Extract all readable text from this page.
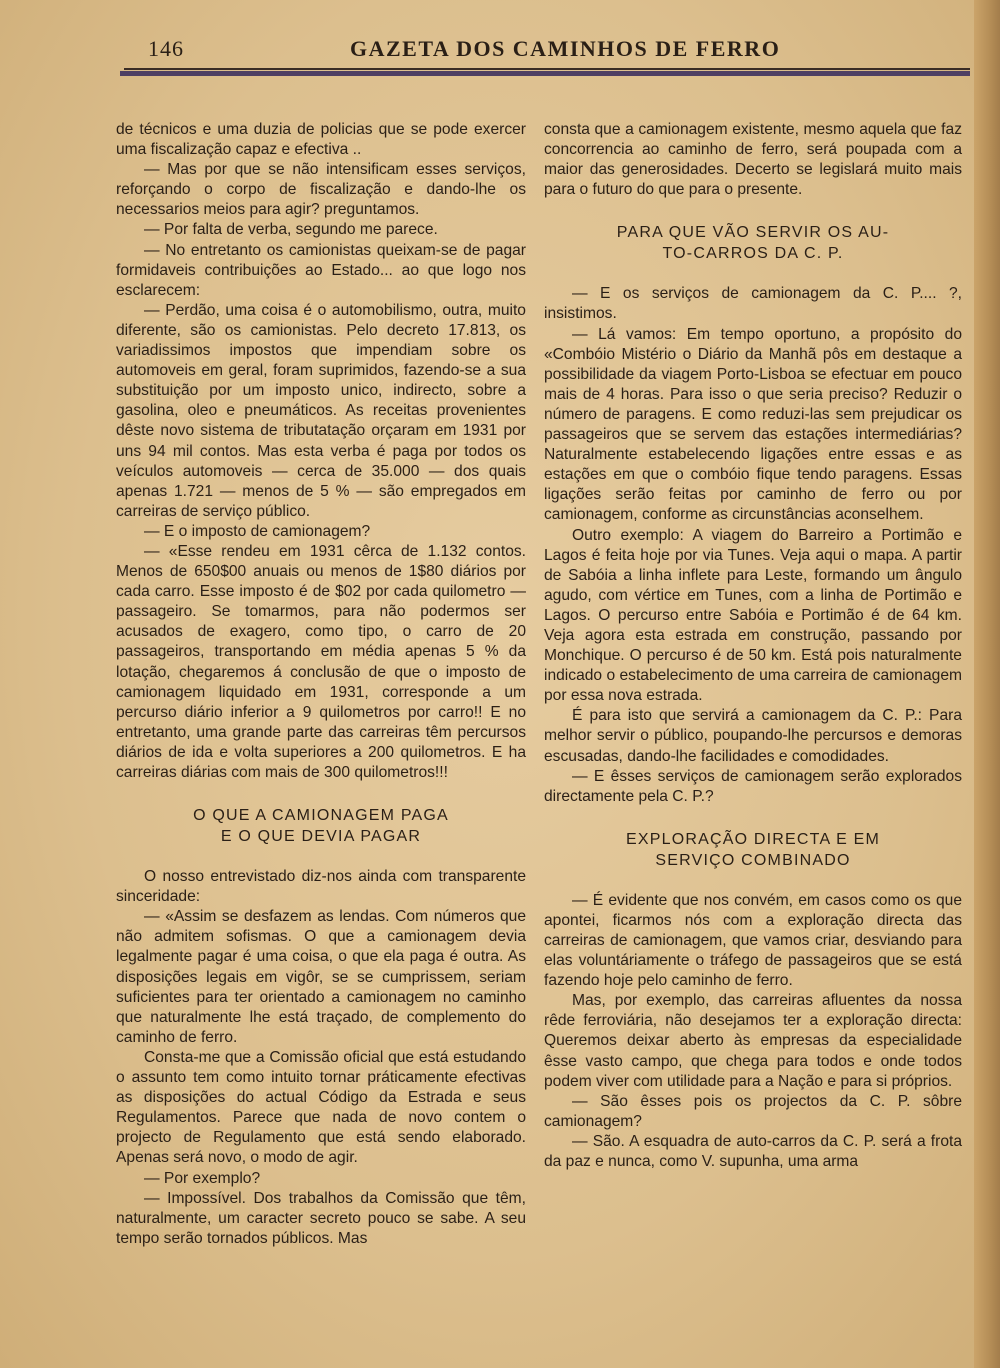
146	GAZETA DOS CAMINHOS DE FERRO

de técnicos e uma duzia de policias que se pode exercer uma fiscalização capaz e efectiva ..

— Mas por que se não intensificam esses serviços, reforçando o corpo de fiscalização e dando-lhe os necessarios meios para agir? preguntamos.

— Por falta de verba, segundo me parece.

— No entretanto os camionistas queixam-se de pagar formidaveis contribuições ao Estado... ao que logo nos esclarecem:

— Perdão, uma coisa é o automobilismo, outra, muito diferente, são os camionistas. Pelo decreto 17.813, os variadissimos impostos que impendiam sobre os automoveis em geral, foram suprimidos, fazendo-se a sua substituição por um imposto unico, indirecto, sobre a gasolina, oleo e pneumáticos. As receitas provenientes dêste novo sistema de tributatação orçaram em 1931 por uns 94 mil contos. Mas esta verba é paga por todos os veículos automoveis — cerca de 35.000 — dos quais apenas 1.721 — menos de 5 % — são empregados em carreiras de serviço público.

— E o imposto de camionagem?

— «Esse rendeu em 1931 cêrca de 1.132 contos. Menos de 650$00 anuais ou menos de 1$80 diários por cada carro. Esse imposto é de $02 por cada quilometro — passageiro. Se tomarmos, para não podermos ser acusados de exagero, como tipo, o carro de 20 passageiros, transportando em média apenas 5 % da lotação, chegaremos á conclusão de que o imposto de camionagem liquidado em 1931, corresponde a um percurso diário inferior a 9 quilometros por carro!! E no entretanto, uma grande parte das carreiras têm percursos diários de ida e volta superiores a 200 quilometros. E ha carreiras diárias com mais de 300 quilometros!!!

O QUE A CAMIONAGEM PAGA
E O QUE DEVIA PAGAR

O nosso entrevistado diz-nos ainda com transparente sinceridade:

— «Assim se desfazem as lendas. Com números que não admitem sofismas. O que a camionagem devia legalmente pagar é uma coisa, o que ela paga é outra. As disposições legais em vigôr, se se cumprissem, seriam suficientes para ter orientado a camionagem no caminho que naturalmente lhe está traçado, de complemento do caminho de ferro.

Consta-me que a Comissão oficial que está estudando o assunto tem como intuito tornar práticamente efectivas as disposições do actual Código da Estrada e seus Regulamentos. Parece que nada de novo contem o projecto de Regulamento que está sendo elaborado. Apenas será novo, o modo de agir.

— Por exemplo?

— Impossível. Dos trabalhos da Comissão que têm, naturalmente, um caracter secreto pouco se sabe. A seu tempo serão tornados públicos. Mas

consta que a camionagem existente, mesmo aquela que faz concorrencia ao caminho de ferro, será poupada com a maior das generosidades. Decerto se legislará muito mais para o futuro do que para o presente.

PARA QUE VÃO SERVIR OS AU-
TO-CARROS DA C. P.

— E os serviços de camionagem da C. P.... ?, insistimos.

— Lá vamos: Em tempo oportuno, a propósito do «Combóio Mistério o Diário da Manhã pôs em destaque a possibilidade da viagem Porto-Lisboa se efectuar em pouco mais de 4 horas. Para isso o que seria preciso? Reduzir o número de paragens. E como reduzi-las sem prejudicar os passageiros que se servem das estações intermediárias? Naturalmente estabelecendo ligações entre essas e as estações em que o combóio fique tendo paragens. Essas ligações serão feitas por caminho de ferro ou por camionagem, conforme as circunstâncias aconselhem.

Outro exemplo: A viagem do Barreiro a Portimão e Lagos é feita hoje por via Tunes. Veja aqui o mapa. A partir de Sabóia a linha inflete para Leste, formando um ângulo agudo, com vértice em Tunes, com a linha de Portimão e Lagos. O percurso entre Sabóia e Portimão é de 64 km. Veja agora esta estrada em construção, passando por Monchique. O percurso é de 50 km. Está pois naturalmente indicado o estabelecimento de uma carreira de camionagem por essa nova estrada.

É para isto que servirá a camionagem da C. P.: Para melhor servir o público, poupando-lhe percursos e demoras escusadas, dando-lhe facilidades e comodidades.

— E êsses serviços de camionagem serão explorados directamente pela C. P.?

EXPLORAÇÃO DIRECTA E EM
SERVIÇO COMBINADO

— É evidente que nos convém, em casos como os que apontei, ficarmos nós com a exploração directa das carreiras de camionagem, que vamos criar, desviando para elas voluntáriamente o tráfego de passageiros que se está fazendo hoje pelo caminho de ferro.

Mas, por exemplo, das carreiras afluentes da nossa rêde ferroviária, não desejamos ter a exploração directa: Queremos deixar aberto às empresas da especialidade êsse vasto campo, que chega para todos e onde todos podem viver com utilidade para a Nação e para si próprios.

— São êsses pois os projectos da C. P. sôbre camionagem?

— São. A esquadra de auto-carros da C. P. será a frota da paz e nunca, como V. supunha, uma arma
